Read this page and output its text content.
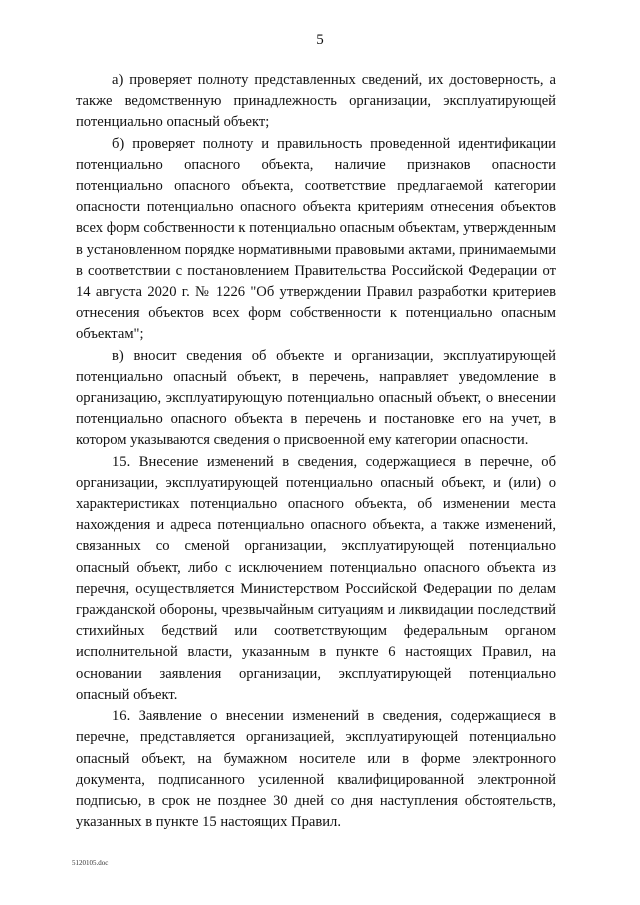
5

а) проверяет полноту представленных сведений, их достоверность, а также ведомственную принадлежность организации, эксплуатирующей потенциально опасный объект;

б) проверяет полноту и правильность проведенной идентификации потенциально опасного объекта, наличие признаков опасности потенциально опасного объекта, соответствие предлагаемой категории опасности потенциально опасного объекта критериям отнесения объектов всех форм собственности к потенциально опасным объектам, утвержденным в установленном порядке нормативными правовыми актами, принимаемыми в соответствии с постановлением Правительства Российской Федерации от 14 августа 2020 г. № 1226 "Об утверждении Правил разработки критериев отнесения объектов всех форм собственности к потенциально опасным объектам";

в) вносит сведения об объекте и организации, эксплуатирующей потенциально опасный объект, в перечень, направляет уведомление в организацию, эксплуатирующую потенциально опасный объект, о внесении потенциально опасного объекта в перечень и постановке его на учет, в котором указываются сведения о присвоенной ему категории опасности.

15. Внесение изменений в сведения, содержащиеся в перечне, об организации, эксплуатирующей потенциально опасный объект, и (или) о характеристиках потенциально опасного объекта, об изменении места нахождения и адреса потенциально опасного объекта, а также изменений, связанных со сменой организации, эксплуатирующей потенциально опасный объект, либо с исключением потенциально опасного объекта из перечня, осуществляется Министерством Российской Федерации по делам гражданской обороны, чрезвычайным ситуациям и ликвидации последствий стихийных бедствий или соответствующим федеральным органом исполнительной власти, указанным в пункте 6 настоящих Правил, на основании заявления организации, эксплуатирующей потенциально опасный объект.

16. Заявление о внесении изменений в сведения, содержащиеся в перечне, представляется организацией, эксплуатирующей потенциально опасный объект, на бумажном носителе или в форме электронного документа, подписанного усиленной квалифицированной электронной подписью, в срок не позднее 30 дней со дня наступления обстоятельств, указанных в пункте 15 настоящих Правил.

5120105.doc
